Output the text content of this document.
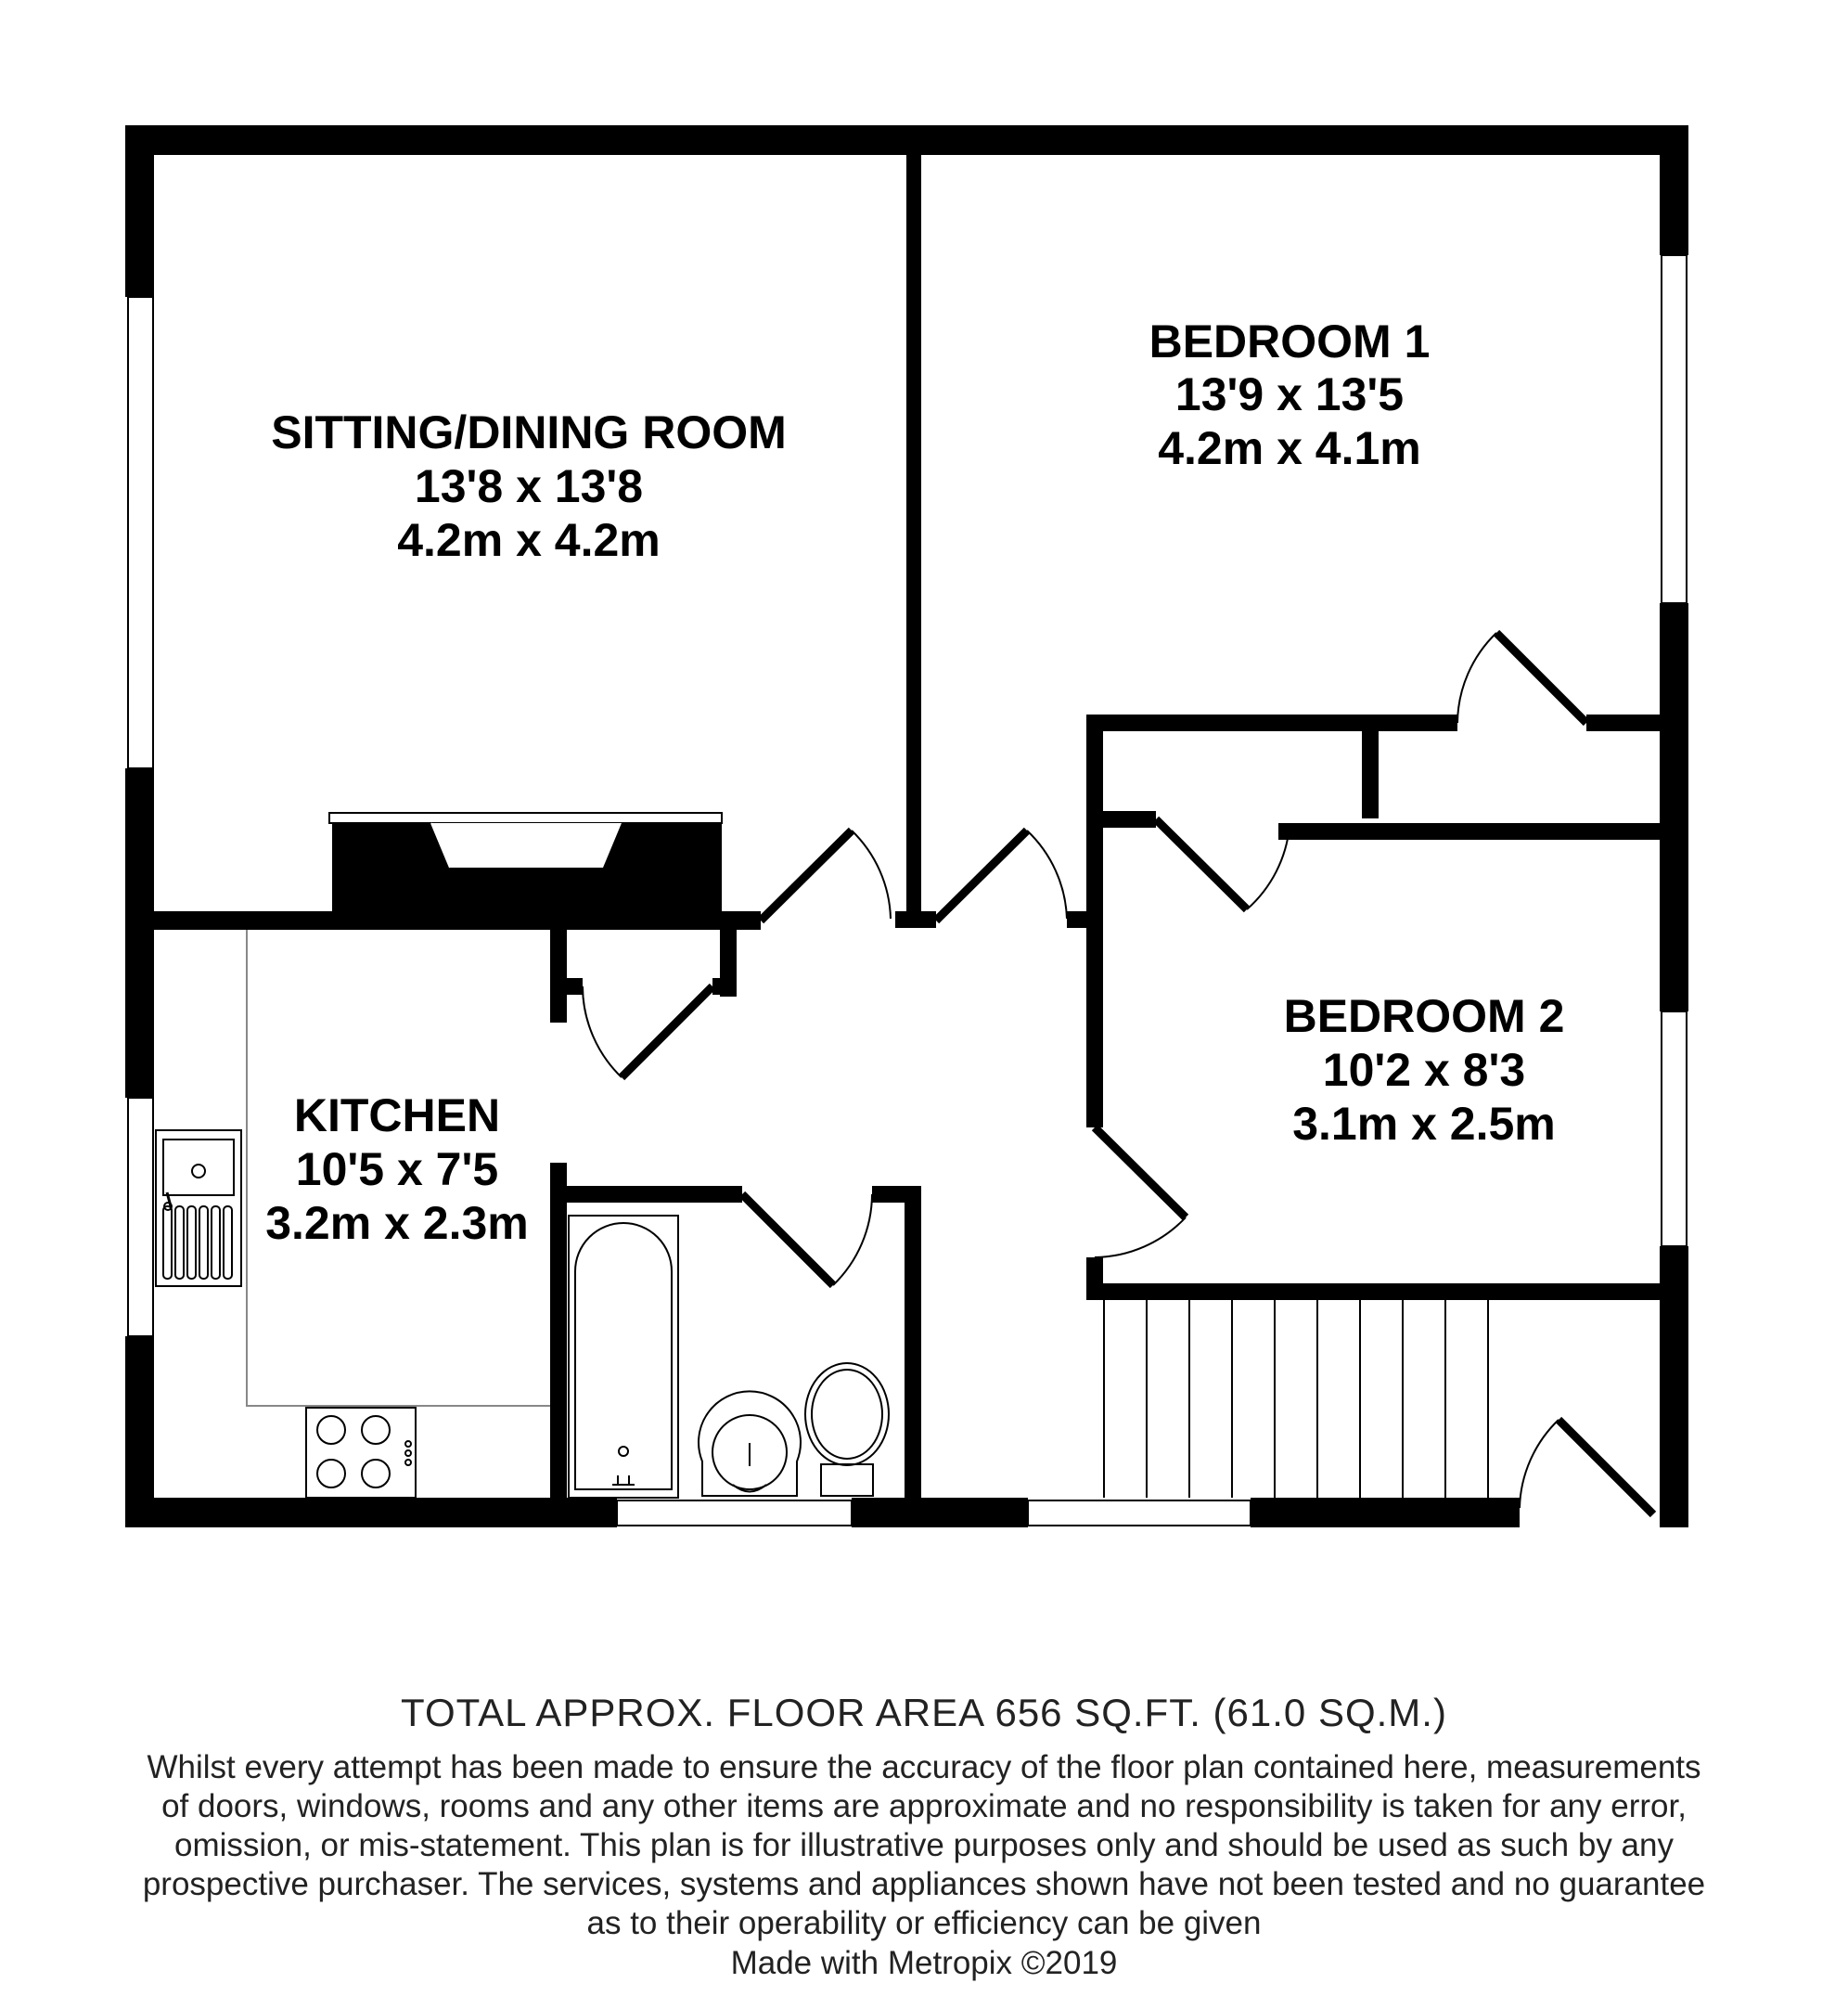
SITTING/DINING ROOM
13'8 x 13'8
4.2m x 4.2m
BEDROOM 1
13'9 x 13'5
4.2m x 4.1m
BEDROOM 2
10'2 x 8'3
3.1m x 2.5m
KITCHEN
10'5 x 7'5
3.2m x 2.3m

TOTAL APPROX. FLOOR AREA 656 SQ.FT. (61.0 SQ.M.)

Whilst every attempt has been made to ensure the accuracy of the floor plan contained here, measurements of doors, windows, rooms and any other items are approximate and no responsibility is taken for any error, omission, or mis-statement. This plan is for illustrative purposes only and should be used as such by any prospective purchaser. The services, systems and appliances shown have not been tested and no guarantee as to their operability or efficiency can be given

Made with Metropix ©2019
